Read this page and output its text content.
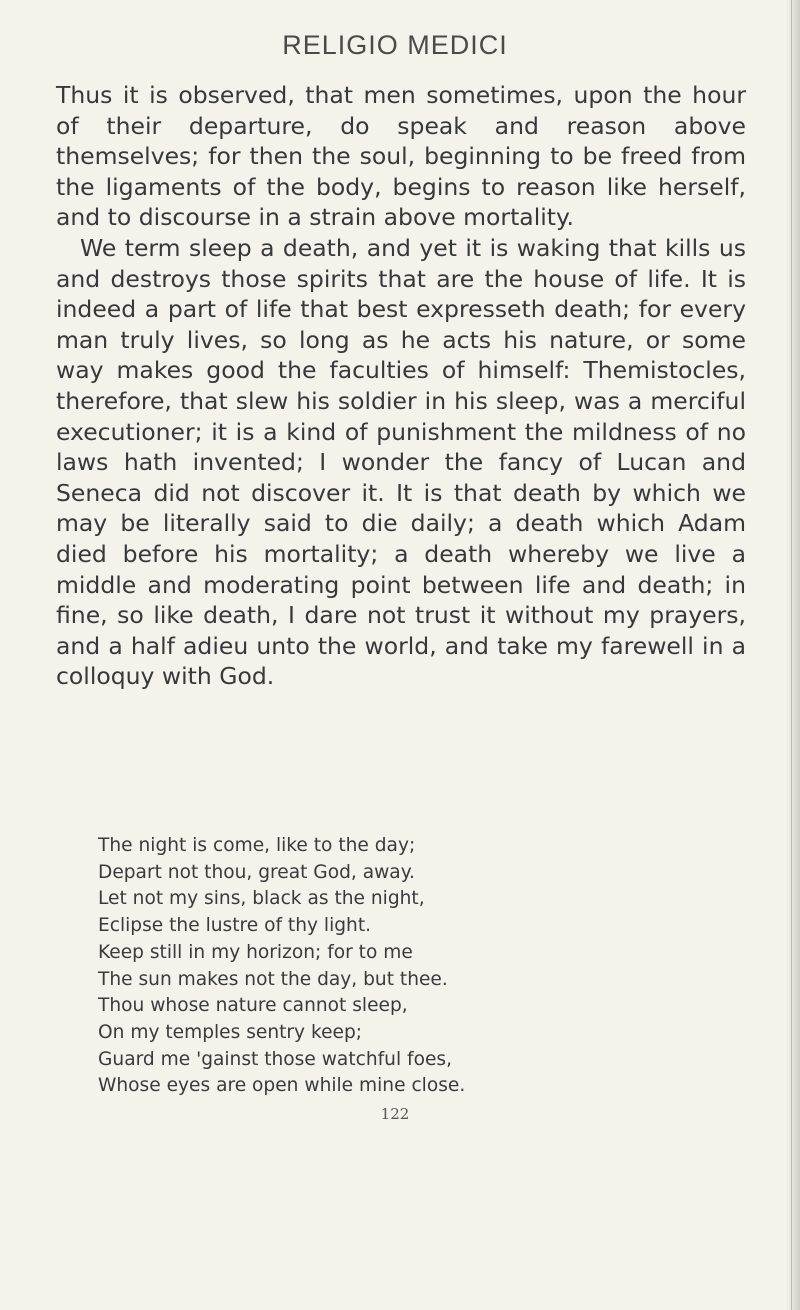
RELIGIO MEDICI

Thus it is observed, that men sometimes, upon the hour of their departure, do speak and reason above themselves; for then the soul, beginning to be freed from the ligaments of the body, begins to reason like herself, and to discourse in a strain above mortality.

We term sleep a death, and yet it is waking that kills us and destroys those spirits that are the house of life. It is indeed a part of life that best expresseth death; for every man truly lives, so long as he acts his nature, or some way makes good the faculties of himself: Themistocles, therefore, that slew his soldier in his sleep, was a merciful executioner; it is a kind of punishment the mildness of no laws hath invented; I wonder the fancy of Lucan and Seneca did not discover it. It is that death by which we may be literally said to die daily; a death which Adam died before his mortality; a death whereby we live a middle and moderating point between life and death; in fine, so like death, I dare not trust it without my prayers, and a half adieu unto the world, and take my farewell in a colloquy with God.

The night is come, like to the day;
Depart not thou, great God, away.
Let not my sins, black as the night,
Eclipse the lustre of thy light.
Keep still in my horizon; for to me
The sun makes not the day, but thee.
Thou whose nature cannot sleep,
On my temples sentry keep;
Guard me 'gainst those watchful foes,
Whose eyes are open while mine close.
122
